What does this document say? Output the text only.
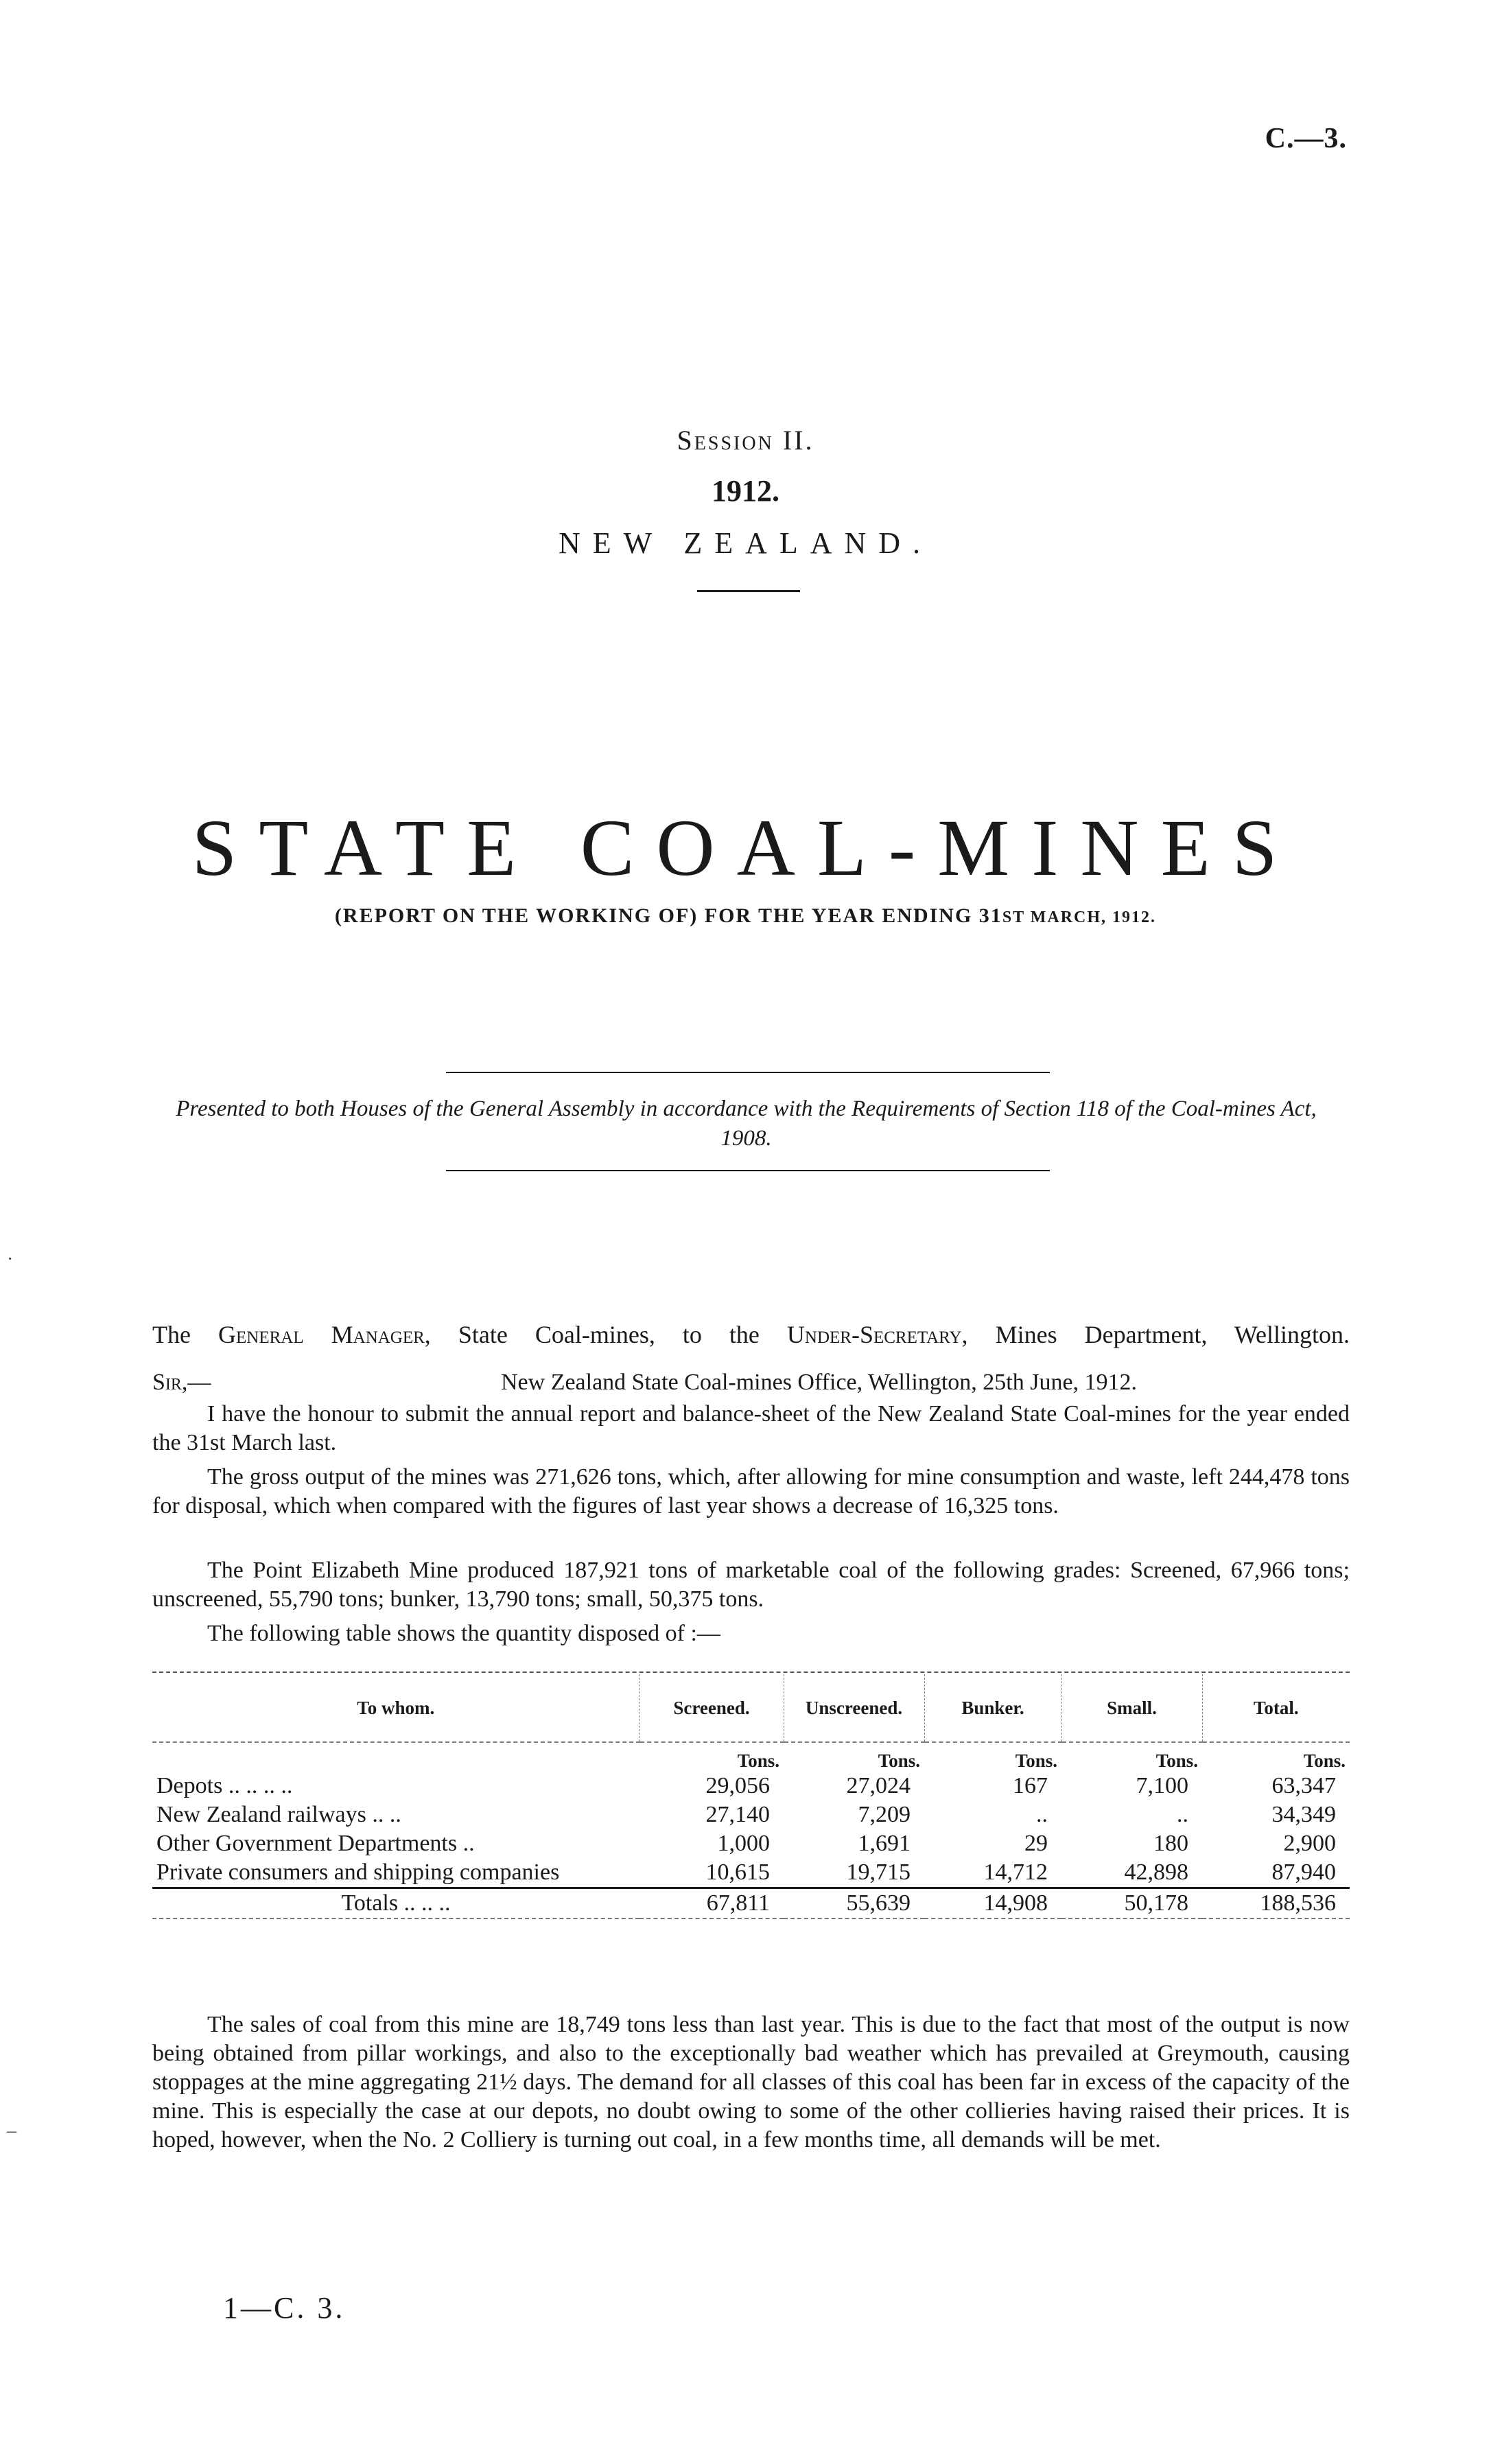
C.—3.
Session II.
1912.
NEW ZEALAND.
STATE COAL-MINES
(REPORT ON THE WORKING OF) FOR THE YEAR ENDING 31ST MARCH, 1912.
Presented to both Houses of the General Assembly in accordance with the Requirements of Section 118 of the Coal-mines Act, 1908.
The General Manager, State Coal-mines, to the Under-Secretary, Mines Department, Wellington.
Sir,—	New Zealand State Coal-mines Office, Wellington, 25th June, 1912.

I have the honour to submit the annual report and balance-sheet of the New Zealand State Coal-mines for the year ended the 31st March last.

The gross output of the mines was 271,626 tons, which, after allowing for mine consumption and waste, left 244,478 tons for disposal, which when compared with the figures of last year shows a decrease of 16,325 tons.

The Point Elizabeth Mine produced 187,921 tons of marketable coal of the following grades: Screened, 67,966 tons; unscreened, 55,790 tons; bunker, 13,790 tons; small, 50,375 tons.

The following table shows the quantity disposed of :—

To whom.	Screened.	Unscreened.	Bunker.	Small.	Total.
	Tons.	Tons.	Tons.	Tons.	Tons.
Depots .. .. .. ..	29,056	27,024	167	7,100	63,347
New Zealand railways .. ..	27,140	7,209	..	..	34,349
Other Government Departments ..	1,000	1,691	29	180	2,900
Private consumers and shipping companies	10,615	19,715	14,712	42,898	87,940
Totals .. .. ..	67,811	55,639	14,908	50,178	188,536

The sales of coal from this mine are 18,749 tons less than last year. This is due to the fact that most of the output is now being obtained from pillar workings, and also to the exceptionally bad weather which has prevailed at Greymouth, causing stoppages at the mine aggregating 21½ days. The demand for all classes of this coal has been far in excess of the capacity of the mine. This is especially the case at our depots, no doubt owing to some of the other collieries having raised their prices. It is hoped, however, when the No. 2 Colliery is turning out coal, in a few months time, all demands will be met.

1—C. 3.
·
–
